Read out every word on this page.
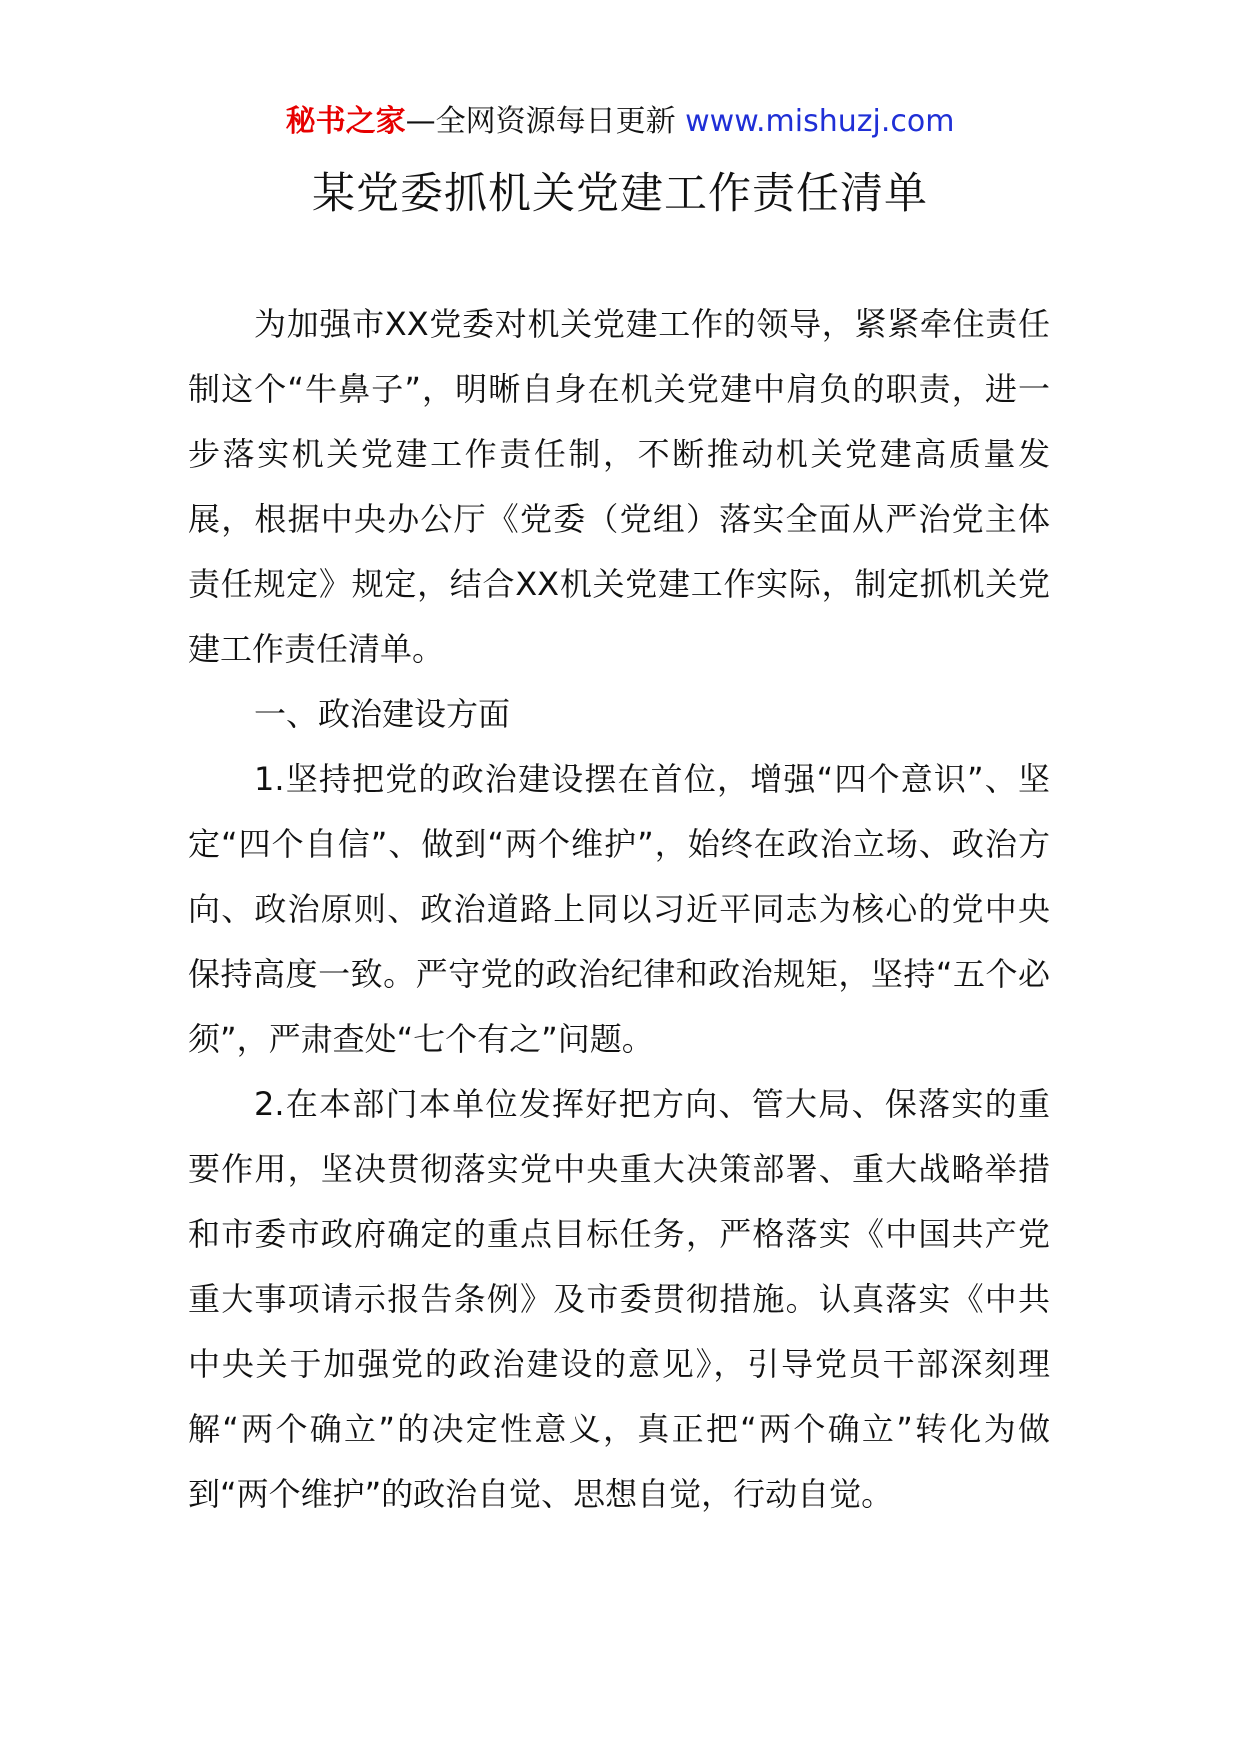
秘书之家—全网资源每日更新 www.mishuzj.com
某党委抓机关党建工作责任清单

为加强市XX党委对机关党建工作的领导，紧紧牵住责任制这个“牛鼻子”，明晰自身在机关党建中肩负的职责，进一步落实机关党建工作责任制，不断推动机关党建高质量发展，根据中央办公厅《党委（党组）落实全面从严治党主体责任规定》规定，结合XX机关党建工作实际，制定抓机关党建工作责任清单。

一、政治建设方面

1.坚持把党的政治建设摆在首位，增强“四个意识”、坚定“四个自信”、做到“两个维护”，始终在政治立场、政治方向、政治原则、政治道路上同以习近平同志为核心的党中央保持高度一致。严守党的政治纪律和政治规矩，坚持“五个必须”，严肃查处“七个有之”问题。

2.在本部门本单位发挥好把方向、管大局、保落实的重要作用，坚决贯彻落实党中央重大决策部署、重大战略举措和市委市政府确定的重点目标任务，严格落实《中国共产党重大事项请示报告条例》及市委贯彻措施。认真落实《中共中央关于加强党的政治建设的意见》，引导党员干部深刻理解“两个确立”的决定性意义，真正把“两个确立”转化为做到“两个维护”的政治自觉、思想自觉，行动自觉。
